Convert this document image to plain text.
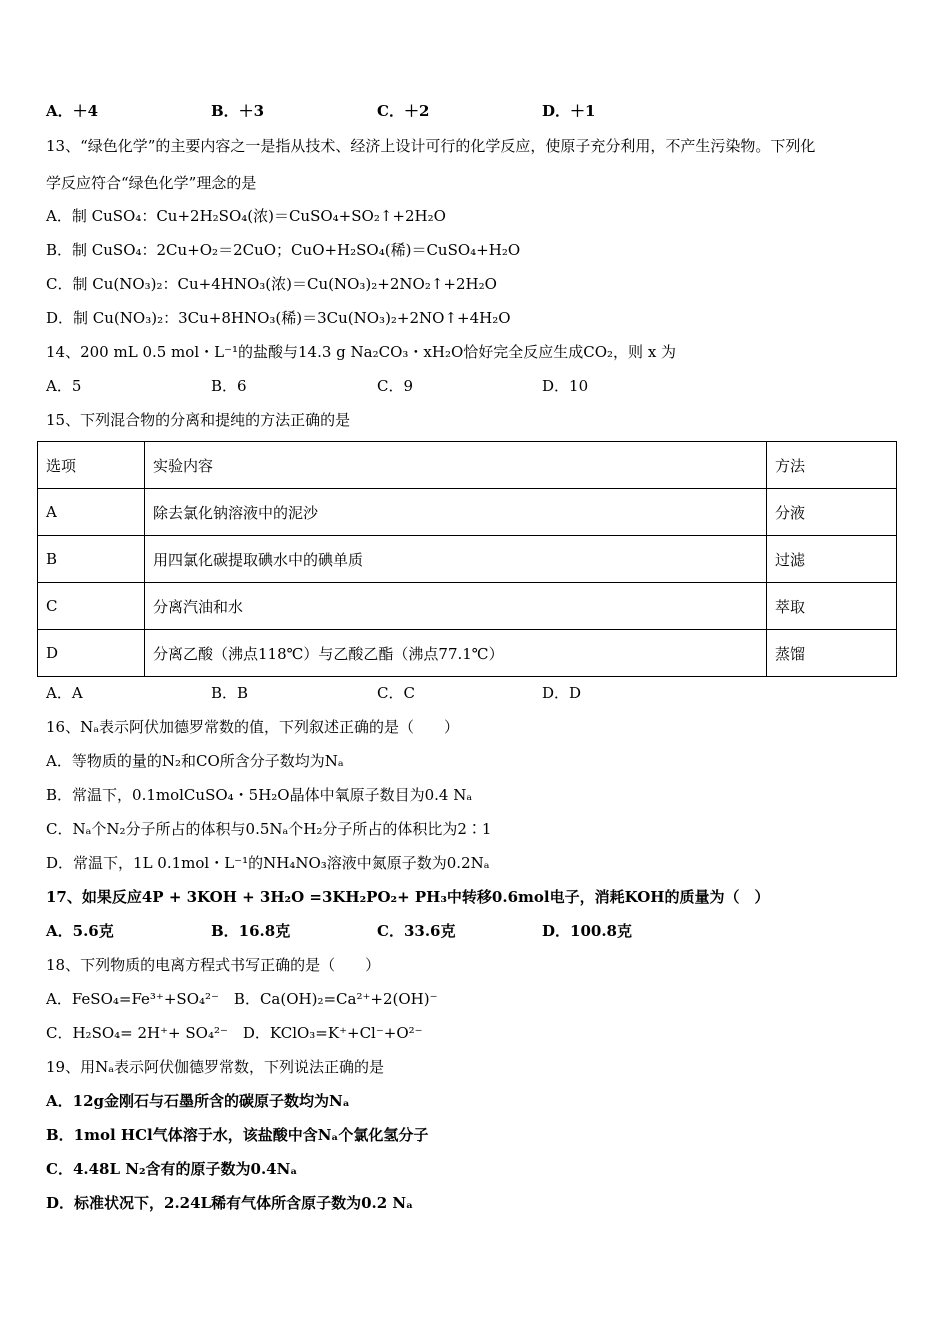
A．＋4	B．＋3	C．＋2	D．＋1
13、“绿色化学”的主要内容之一是指从技术、经济上设计可行的化学反应，使原子充分利用，不产生污染物。下列化
学反应符合“绿色化学”理念的是
A．制 CuSO₄：Cu+2H₂SO₄(浓)＝CuSO₄+SO₂↑+2H₂O
B．制 CuSO₄：2Cu+O₂＝2CuO；CuO+H₂SO₄(稀)＝CuSO₄+H₂O
C．制 Cu(NO₃)₂：Cu+4HNO₃(浓)＝Cu(NO₃)₂+2NO₂↑+2H₂O
D．制 Cu(NO₃)₂：3Cu+8HNO₃(稀)＝3Cu(NO₃)₂+2NO↑+4H₂O
14、200 mL 0.5 mol・L⁻¹的盐酸与14.3 g Na₂CO₃・xH₂O恰好完全反应生成CO₂，则 x 为
A．5	B．6	C．9	D．10
15、下列混合物的分离和提纯的方法正确的是
选项	实验内容	方法
A	除去氯化钠溶液中的泥沙	分液
B	用四氯化碳提取碘水中的碘单质	过滤
C	分离汽油和水	萃取
D	分离乙酸（沸点118℃）与乙酸乙酯（沸点77.1℃）	蒸馏
A．A	B．B	C．C	D．D
16、Nₐ表示阿伏加德罗常数的值，下列叙述正确的是（　　）
A．等物质的量的N₂和CO所含分子数均为Nₐ
B．常温下，0.1molCuSO₄・5H₂O晶体中氧原子数目为0.4 Nₐ
C．Nₐ个N₂分子所占的体积与0.5Nₐ个H₂分子所占的体积比为2∶1
D．常温下，1L 0.1mol・L⁻¹的NH₄NO₃溶液中氮原子数为0.2Nₐ
17、如果反应4P + 3KOH + 3H₂O =3KH₂PO₂+ PH₃中转移0.6mol电子，消耗KOH的质量为（　）
A．5.6克	B．16.8克	C．33.6克	D．100.8克
18、下列物质的电离方程式书写正确的是（　　）
A．FeSO₄=Fe³⁺+SO₄²⁻　B．Ca(OH)₂=Ca²⁺+2(OH)⁻
C．H₂SO₄= 2H⁺+ SO₄²⁻　D．KClO₃=K⁺+Cl⁻+O²⁻
19、用Nₐ表示阿伏伽德罗常数，下列说法正确的是
A．12g金刚石与石墨所含的碳原子数均为Nₐ
B．1mol HCl气体溶于水，该盐酸中含Nₐ个氯化氢分子
C．4.48L N₂含有的原子数为0.4Nₐ
D．标准状况下，2.24L稀有气体所含原子数为0.2 Nₐ
